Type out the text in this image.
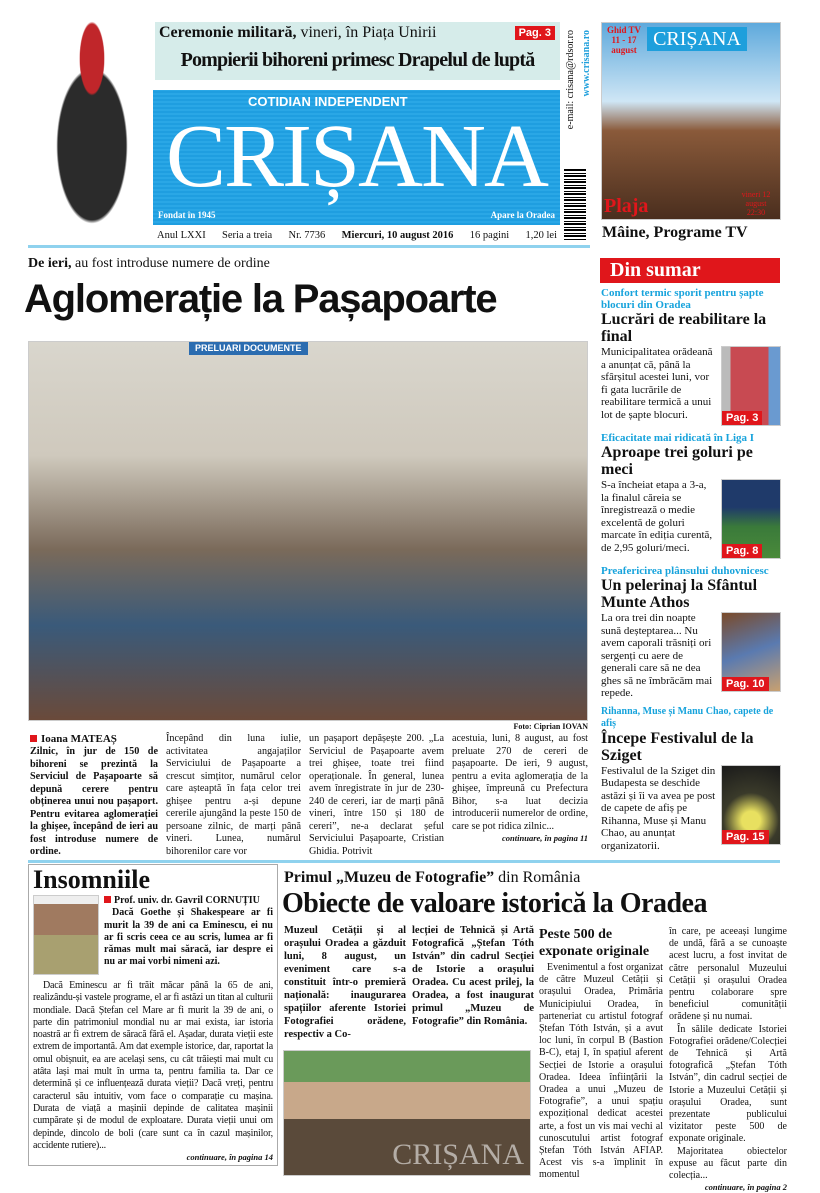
Ceremonie militară, vineri, în Piața Unirii	Pag. 3
Pompierii bihoreni primesc Drapelul de luptă
COTIDIAN INDEPENDENT
CRIȘANA
Fondat în 1945	Apare la Oradea
e-mail: crisana@rdsor.ro www.crisana.ro
Anul LXXI Seria a treia Nr. 7736 Miercuri, 10 august 2016 16 pagini 1,20 lei
Ghid TV 11 - 17 august CRIȘANA
Plaja
vineri 12 august 22:30
Mâine, Programe TV
De ieri, au fost introduse numere de ordine
Aglomerație la Pașapoarte
PRELUARI DOCUMENTE
Foto: Ciprian IOVAN
Ioana MATEAȘ
Zilnic, în jur de 150 de bihoreni se prezintă la Serviciul de Pașapoarte să depună cerere pentru obținerea unui nou pașaport. Pentru evitarea aglomerației la ghișee, începând de ieri au fost introduse numere de ordine.
Începând din luna iulie, activitatea angajaților Serviciului de Pașapoarte a crescut simțitor, numărul celor care așteaptă în fața celor trei ghișee pentru a-și depune cererile ajungând la peste 150 de persoane zilnic, de marți până vineri. Lunea, numărul bihorenilor care vor
un pașaport depășește 200. „La Serviciul de Pașapoarte avem trei ghișee, toate trei fiind operaționale. În general, lunea avem înregistrate în jur de 230-240 de cereri, iar de marți până vineri, între 150 și 180 de cereri”, ne-a declarat șeful Serviciului Pașapoarte, Cristian Ghidia. Potrivit
acestuia, luni, 8 august, au fost preluate 270 de cereri de pașapoarte. De ieri, 9 august, pentru a evita aglomerația de la ghișee, împreună cu Prefectura Bihor, s-a luat decizia introducerii numerelor de ordine, care se pot ridica zilnic...
continuare, în pagina 11
Din sumar
Confort termic sporit pentru șapte blocuri din Oradea
Lucrări de reabilitare la final
Pag. 3
Municipalitatea orădeană a anunțat că, până la sfârșitul acestei luni, vor fi gata lucrările de reabilitare termică a unui lot de șapte blocuri.
Eficacitate mai ridicată în Liga I
Aproape trei goluri pe meci
Pag. 8
S-a încheiat etapa a 3-a, la finalul căreia se înregistrează o medie excelentă de goluri marcate în ediția curentă, de 2,95 goluri/meci.
Preafericirea plânsului duhovnicesc
Un pelerinaj la Sfântul Munte Athos
Pag. 10
La ora trei din noapte sună deșteptarea... Nu avem caporali trăsniți ori sergenți cu aere de generali care să ne dea ghes să ne îmbrăcăm mai repede.
Rihanna, Muse și Manu Chao, capete de afiș
Începe Festivalul de la Sziget
Pag. 15
Festivalul de la Sziget din Budapesta se deschide astăzi și îi va avea pe post de capete de afiș pe Rihanna, Muse și Manu Chao, au anunțat organizatorii.
Insomniile
Prof. univ. dr. Gavril CORNUȚIU
Dacă Goethe și Shakespeare ar fi murit la 39 de ani ca Eminescu, ei nu ar fi scris ceea ce au scris, lumea ar fi rămas mult mai săracă, iar despre ei nu ar mai vorbi nimeni azi.
Dacă Eminescu ar fi trăit măcar până la 65 de ani, realizându-și vastele programe, el ar fi astăzi un titan al culturii mondiale. Dacă Ștefan cel Mare ar fi murit la 39 de ani, o parte din patrimoniul mondial nu ar mai exista, iar istoria noastră ar fi extrem de săracă fără el. Așadar, durata vieții este extrem de importantă. Am dat exemple istorice, dar, raportat la omul obișnuit, ea are același sens, cu cât trăiești mai mult cu atâta lași mai mult în urma ta, pentru familia ta. Dar ce determină și ce influențează durata vieții? Dacă vreți, pentru caracterul său intuitiv, vom face o comparație cu mașina. Durata de viață a mașinii depinde de calitatea mașinii cumpărate și de modul de exploatare. Durata vieții unui om depinde, dincolo de boli (care sunt ca în cazul mașinilor, accidente rutiere)...
continuare, în pagina 14
Primul „Muzeu de Fotografie” din România
Obiecte de valoare istorică la Oradea
Muzeul Cetății și al orașului Oradea a găzduit luni, 8 august, un eveniment care s-a constituit într-o premieră națională: inaugurarea spațiilor aferente Istoriei Fotografiei orădene, respectiv a Co-
lecției de Tehnică și Artă Fotografică „Ștefan Tóth István” din cadrul Secției de Istorie a orașului Oradea. Cu acest prilej, la Oradea, a fost inaugurat primul „Muzeu de Fotografie” din România.
CRIȘANA
Peste 500 de exponate originale
Evenimentul a fost organizat de către Muzeul Cetății și orașului Oradea, Primăria Municipiului Oradea, în parteneriat cu artistul fotograf Ștefan Tóth István, și a avut loc luni, în corpul B (Bastion B-C), etaj I, în spațiul aferent Secției de Istorie a orașului Oradea. Ideea înființării la Oradea a unui „Muzeu de Fotografie”, a unui spațiu expozițional dedicat acestei arte, a fost un vis mai vechi al cunoscutului artist fotograf Ștefan Tóth István AFIAP. Acest vis s-a împlinit în momentul
în care, pe aceeași lungime de undă, fără a se cunoaște acest lucru, a fost invitat de către personalul Muzeului Cetății și orașului Oradea pentru colaborare spre beneficiul comunității orădene și nu numai.
În sălile dedicate Istoriei Fotografiei orădene/Colecției de Tehnică și Artă fotografică „Ștefan Tóth István”, din cadrul secției de Istorie a Muzeului Cetății și orașului Oradea, sunt prezentate publicului vizitator peste 500 de exponate originale.
Majoritatea obiectelor expuse au făcut parte din colecția...
continuare, în pagina 2
